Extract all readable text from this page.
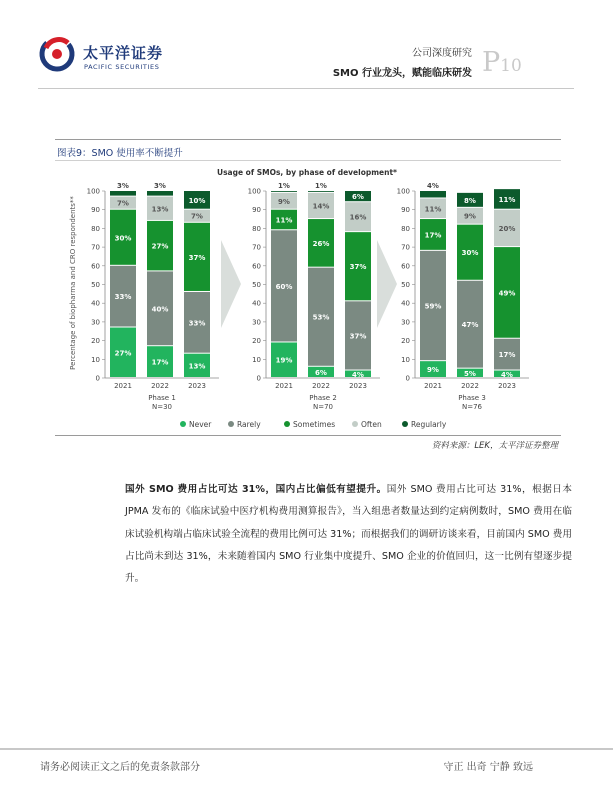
太平洋证券
PACIFIC SECURITIES
公司深度研究
SMO 行业龙头，赋能临床研发 P10
图表9：SMO 使用率不断提升
Usage of SMOs, by phase of development*
Percentage of biopharma and CRO respondents**
0
10
20
30
40
50
60
70
80
90
100
27%
33%
30%
7%
3%
2021
17%
40%
27%
13%
3%
2022
13%
33%
37%
7%
10%
2023
Phase 1
N=30
0
10
20
30
40
50
60
70
80
90
100
19%
60%
11%
9%
1%
2021
6%
53%
26%
14%
1%
2022
4%
37%
37%
16%
6%
2023
Phase 2
N=70
0
10
20
30
40
50
60
70
80
90
100
9%
59%
17%
11%
4%
2021
5%
47%
30%
9%
8%
2022
4%
17%
49%
20%
11%
2023
Phase 3
N=76
Never	Rarely	Sometimes	Often	Regularly
资料来源：LEK，太平洋证券整理
国外 SMO 费用占比可达 31%，国内占比偏低有望提升。国外 SMO 费用占比可达 31%，根据日本 JPMA 发布的《临床试验中医疗机构费用测算报告》，当入组患者数量达到约定病例数时，SMO 费用在临床试验机构端占临床试验全流程的费用比例可达 31%；而根据我们的调研访谈来看，目前国内 SMO 费用占比尚未到达 31%，未来随着国内 SMO 行业集中度提升、SMO 企业的价值回归，这一比例有望逐步提升。
请务必阅读正文之后的免责条款部分	守正 出奇 宁静 致远
